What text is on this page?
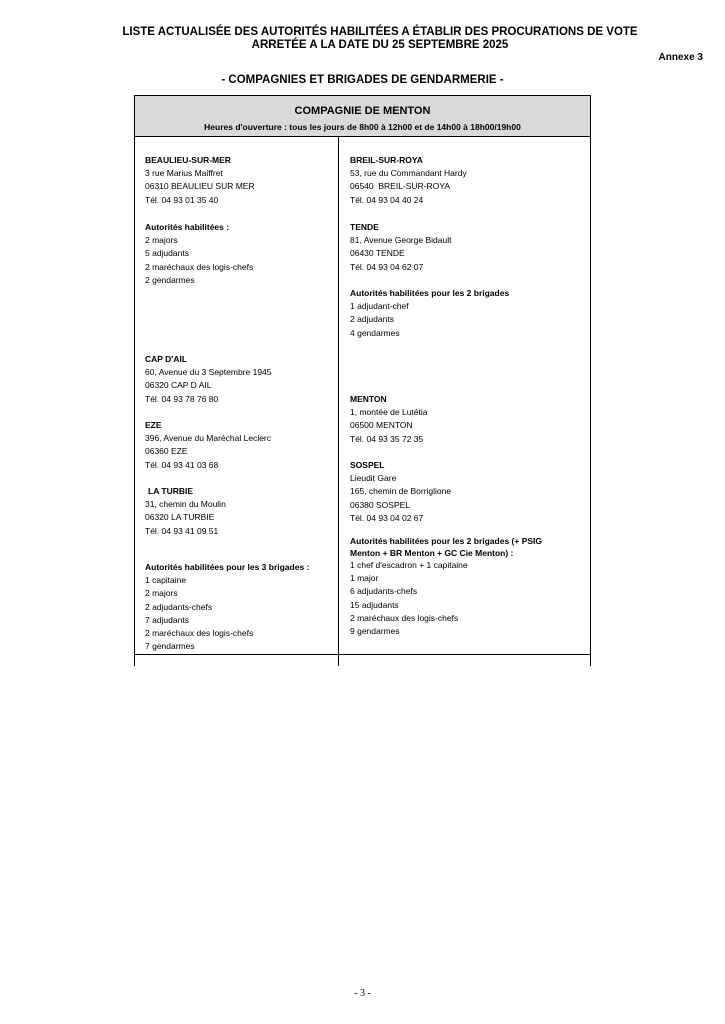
LISTE ACTUALISÉE DES AUTORITÉS HABILITÉES A ÉTABLIR DES PROCURATIONS DE VOTE
ARRETÉE A LA DATE DU 25 SEPTEMBRE 2025
Annexe 3
- COMPAGNIES ET BRIGADES DE GENDARMERIE -
COMPAGNIE DE MENTON
Heures d'ouverture : tous les jours de 8h00 à 12h00 et de 14h00 à 18h00/19h00
BEAULIEU-SUR-MER
3 rue Marius Maiffret
06310 BEAULIEU SUR MER
Tél. 04 93 01 35 40
Autorités habilitées :
2 majors
5 adjudants
2 maréchaux des logis-chefs
2 gendarmes
CAP D'AIL
60, Avenue du 3 Septembre 1945
06320 CAP D AIL
Tél. 04 93 78 76 80
EZE
396, Avenue du Maréchal Leclerc
06360 EZE
Tél. 04 93 41 03 68
LA TURBIE
31, chemin du Moulin
06320 LA TURBIE
Tél. 04 93 41 09 51
Autorités habilitées pour les 3 brigades :
1 capitaine
2 majors
2 adjudants-chefs
7 adjudants
2 maréchaux des logis-chefs
7 gendarmes
BREIL-SUR-ROYA
53, rue du Commandant Hardy
06540  BREIL-SUR-ROYA
Tél. 04 93 04 40 24
TENDE
81, Avenue George Bidault
06430 TENDE
Tél. 04 93 04 62 07
Autorités habilitées pour les 2 brigades
1 adjudant-chef
2 adjudants
4 gendarmes
MENTON
1, montée de Lutétia
06500 MENTON
Tél. 04 93 35 72 35
SOSPEL
Lieudit Gare
165, chemin de Borriglione
06380 SOSPEL
Tél. 04 93 04 02 67
Autorités habilitées pour les 2 brigades (+ PSIG
Menton + BR Menton + GC Cie Menton) :
1 chef d'escadron + 1 capitaine
1 major
6 adjudants-chefs
15 adjudants
2 maréchaux des logis-chefs
9 gendarmes
- 3 -
